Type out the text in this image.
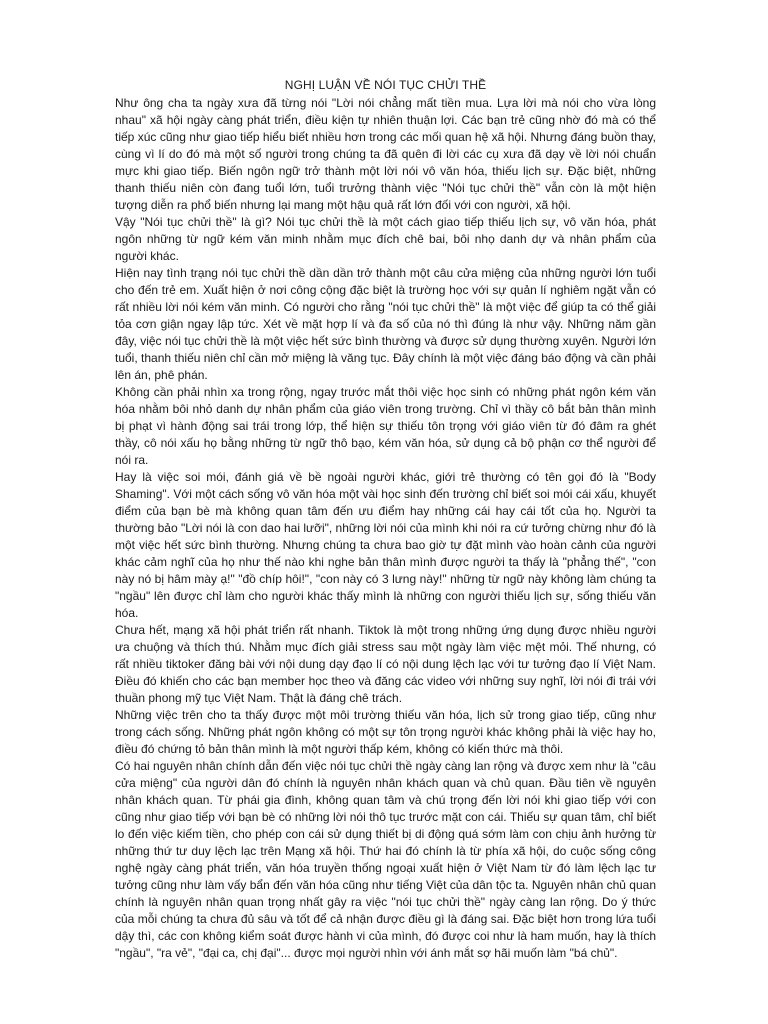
NGHỊ LUẬN VỀ NÓI TỤC CHỬI THỀ

Như ông cha ta ngày xưa đã từng nói "Lời nói chẳng mất tiền mua. Lựa lời mà nói cho vừa lòng nhau" xã hội ngày càng phát triển, điều kiện tự nhiên thuận lợi. Các bạn trẻ cũng nhờ đó mà có thể tiếp xúc cũng như giao tiếp hiểu biết nhiều hơn trong các mối quan hệ xã hội. Nhưng đáng buồn thay, cùng vì lí do đó mà một số người trong chúng ta đã quên đi lời các cụ xưa đã dạy về lời nói chuẩn mực khi giao tiếp. Biến ngôn ngữ trở thành một lời nói vô văn hóa, thiếu lịch sự. Đặc biệt, những thanh thiếu niên còn đang tuổi lớn, tuổi trưởng thành việc "Nói tục chửi thề" vẫn còn là một hiện tượng diễn ra phổ biến nhưng lại mang một hậu quả rất lớn đối với con người, xã hội.

Vậy "Nói tục chửi thề" là gì? Nói tục chửi thề là một cách giao tiếp thiếu lịch sự, vô văn hóa, phát ngôn những từ ngữ kém văn minh nhằm mục đích chê bai, bôi nhọ danh dự và nhân phẩm của người khác.

Hiện nay tình trạng nói tục chửi thề dần dần trở thành một câu cửa miệng của những người lớn tuổi cho đến trẻ em. Xuất hiện ở nơi công cộng đặc biệt là trường học với sự quản lí nghiêm ngặt vẫn có rất nhiều lời nói kém văn minh. Có người cho rằng "nói tục chửi thề" là một việc để giúp ta có thể giải tỏa cơn giận ngay lập tức. Xét về mặt hợp lí và đa số của nó thì đúng là như vậy. Những năm gần đây, việc nói tục chửi thề là một việc hết sức bình thường và được sử dụng thường xuyên. Người lớn tuổi, thanh thiếu niên chỉ cần mở miệng là văng tục. Đây chính là một việc đáng báo động và cần phải lên án, phê phán.

Không cần phải nhìn xa trong rộng, ngay trước mắt thôi việc học sinh có những phát ngôn kém văn hóa nhằm bôi nhỏ danh dự nhân phẩm của giáo viên trong trường. Chỉ vì thầy cô bắt bản thân mình bị phạt vì hành động sai trái trong lớp, thể hiện sự thiếu tôn trọng với giáo viên từ đó đâm ra ghét thầy, cô nói xấu họ bằng những từ ngữ thô bạo, kém văn hóa, sử dụng cả bộ phận cơ thể người để nói ra.

Hay là việc soi mói, đánh giá về bề ngoài người khác, giới trẻ thường có tên gọi đó là "Body Shaming". Với một cách sống vô văn hóa một vài học sinh đến trường chỉ biết soi mói cái xấu, khuyết điểm của bạn bè mà không quan tâm đến ưu điểm hay những cái hay cái tốt của họ. Người ta thường bảo "Lời nói là con dao hai lưỡi", những lời nói của mình khi nói ra cứ tưởng chừng như đó là một việc hết sức bình thường. Nhưng chúng ta chưa bao giờ tự đặt mình vào hoàn cảnh của người khác cảm nghĩ của họ như thế nào khi nghe bản thân mình được người ta thấy là "phẳng thế", "con này nó bị hâm mày ạ!" "đồ chíp hôi!", "con này có 3 lưng này!" những từ ngữ này không làm chúng ta "ngầu" lên được chỉ làm cho người khác thấy mình là những con người thiếu lịch sự, sống thiếu văn hóa.

Chưa hết, mạng xã hội phát triển rất nhanh. Tiktok là một trong những ứng dụng được nhiều người ưa chuộng và thích thú. Nhằm mục đích giải stress sau một ngày làm việc mệt mỏi. Thế nhưng, có rất nhiều tiktoker đăng bài với nội dung dạy đạo lí có nội dung lệch lạc với tư tưởng đạo lí Việt Nam. Điều đó khiến cho các bạn member học theo và đăng các video với những suy nghĩ, lời nói đi trái với thuần phong mỹ tục Việt Nam. Thật là đáng chê trách.

Những việc trên cho ta thấy được một môi trường thiếu văn hóa, lịch sử trong giao tiếp, cũng như trong cách sống. Những phát ngôn không có một sự tôn trọng người khác không phải là việc hay ho, điều đó chứng tỏ bản thân mình là một người thấp kém, không có kiến thức mà thôi.

Có hai nguyên nhân chính dẫn đến việc nói tục chửi thề ngày càng lan rộng và được xem như là "câu cửa miệng" của người dân đó chính là nguyên nhân khách quan và chủ quan. Đầu tiên về nguyên nhân khách quan. Từ phái gia đình, không quan tâm và chú trọng đến lời nói khi giao tiếp với con cũng như giao tiếp với bạn bè có những lời nói thô tục trước mặt con cái. Thiếu sự quan tâm, chỉ biết lo đến việc kiếm tiền, cho phép con cái sử dụng thiết bị di động quá sớm làm con chịu ảnh hưởng từ những thứ tư duy lệch lạc trên Mạng xã hội. Thứ hai đó chính là từ phía xã hội, do cuộc sống công nghệ ngày càng phát triển, văn hóa truyền thống ngoại xuất hiện ở Việt Nam từ đó làm lệch lạc tư tưởng cũng như làm vấy bẩn đến văn hóa cũng như tiếng Việt của dân tộc ta. Nguyên nhân chủ quan chính là nguyên nhân quan trọng nhất gây ra việc "nói tục chửi thề" ngày càng lan rộng. Do ý thức của mỗi chúng ta chưa đủ sâu và tốt để cả nhận được điều gì là đáng sai. Đặc biệt hơn trong lứa tuổi dậy thì, các con không kiểm soát được hành vi của mình, đó được coi như là ham muốn, hay là thích "ngầu", "ra vẻ", "đại ca, chị đại"... được mọi người nhìn với ánh mắt sợ hãi muốn làm "bá chủ".
